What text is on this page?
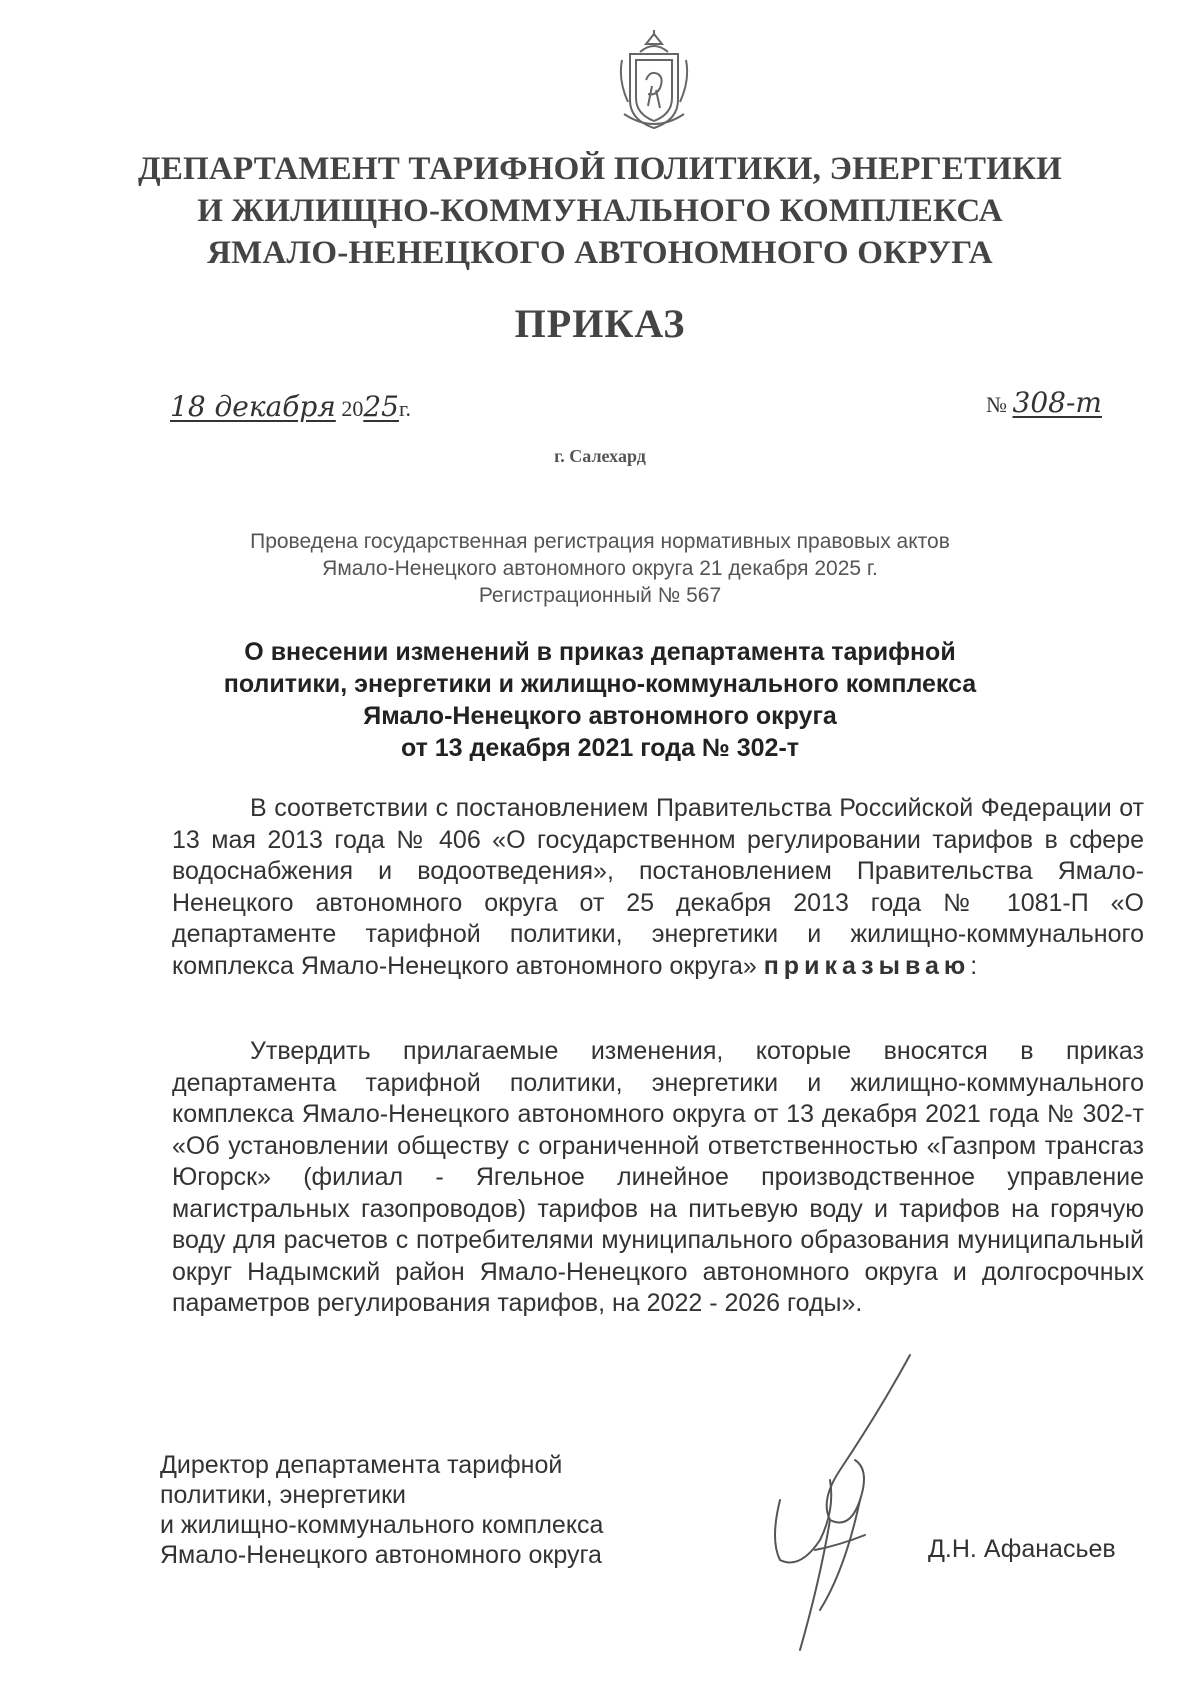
ДЕПАРТАМЕНТ ТАРИФНОЙ ПОЛИТИКИ, ЭНЕРГЕТИКИ
И ЖИЛИЩНО-КОММУНАЛЬНОГО КОМПЛЕКСА
ЯМАЛО-НЕНЕЦКОГО АВТОНОМНОГО ОКРУГА
ПРИКАЗ
18 декабря 2025г.	№ 308-т
г. Салехард
Проведена государственная регистрация нормативных правовых актов
Ямало-Ненецкого автономного округа 21 декабря 2025 г.
Регистрационный № 567
О внесении изменений в приказ департамента тарифной
политики, энергетики и жилищно-коммунального комплекса
Ямало-Ненецкого автономного округа
от 13 декабря 2021 года № 302-т

В соответствии с постановлением Правительства Российской Федерации от 13 мая 2013 года № 406 «О государственном регулировании тарифов в сфере водоснабжения и водоотведения», постановлением Правительства Ямало-Ненецкого автономного округа от 25 декабря 2013 года № 1081-П «О департаменте тарифной политики, энергетики и жилищно-коммунального комплекса Ямало-Ненецкого автономного округа» приказываю:

Утвердить прилагаемые изменения, которые вносятся в приказ департамента тарифной политики, энергетики и жилищно-коммунального комплекса Ямало-Ненецкого автономного округа от 13 декабря 2021 года № 302-т «Об установлении обществу с ограниченной ответственностью «Газпром трансгаз Югорск» (филиал - Ягельное линейное производственное управление магистральных газопроводов) тарифов на питьевую воду и тарифов на горячую воду для расчетов с потребителями муниципального образования муниципальный округ Надымский район Ямало-Ненецкого автономного округа и долгосрочных параметров регулирования тарифов, на 2022 - 2026 годы».

Директор департамента тарифной
политики, энергетики
и жилищно-коммунального комплекса
Ямало-Ненецкого автономного округа	Д.Н. Афанасьев
